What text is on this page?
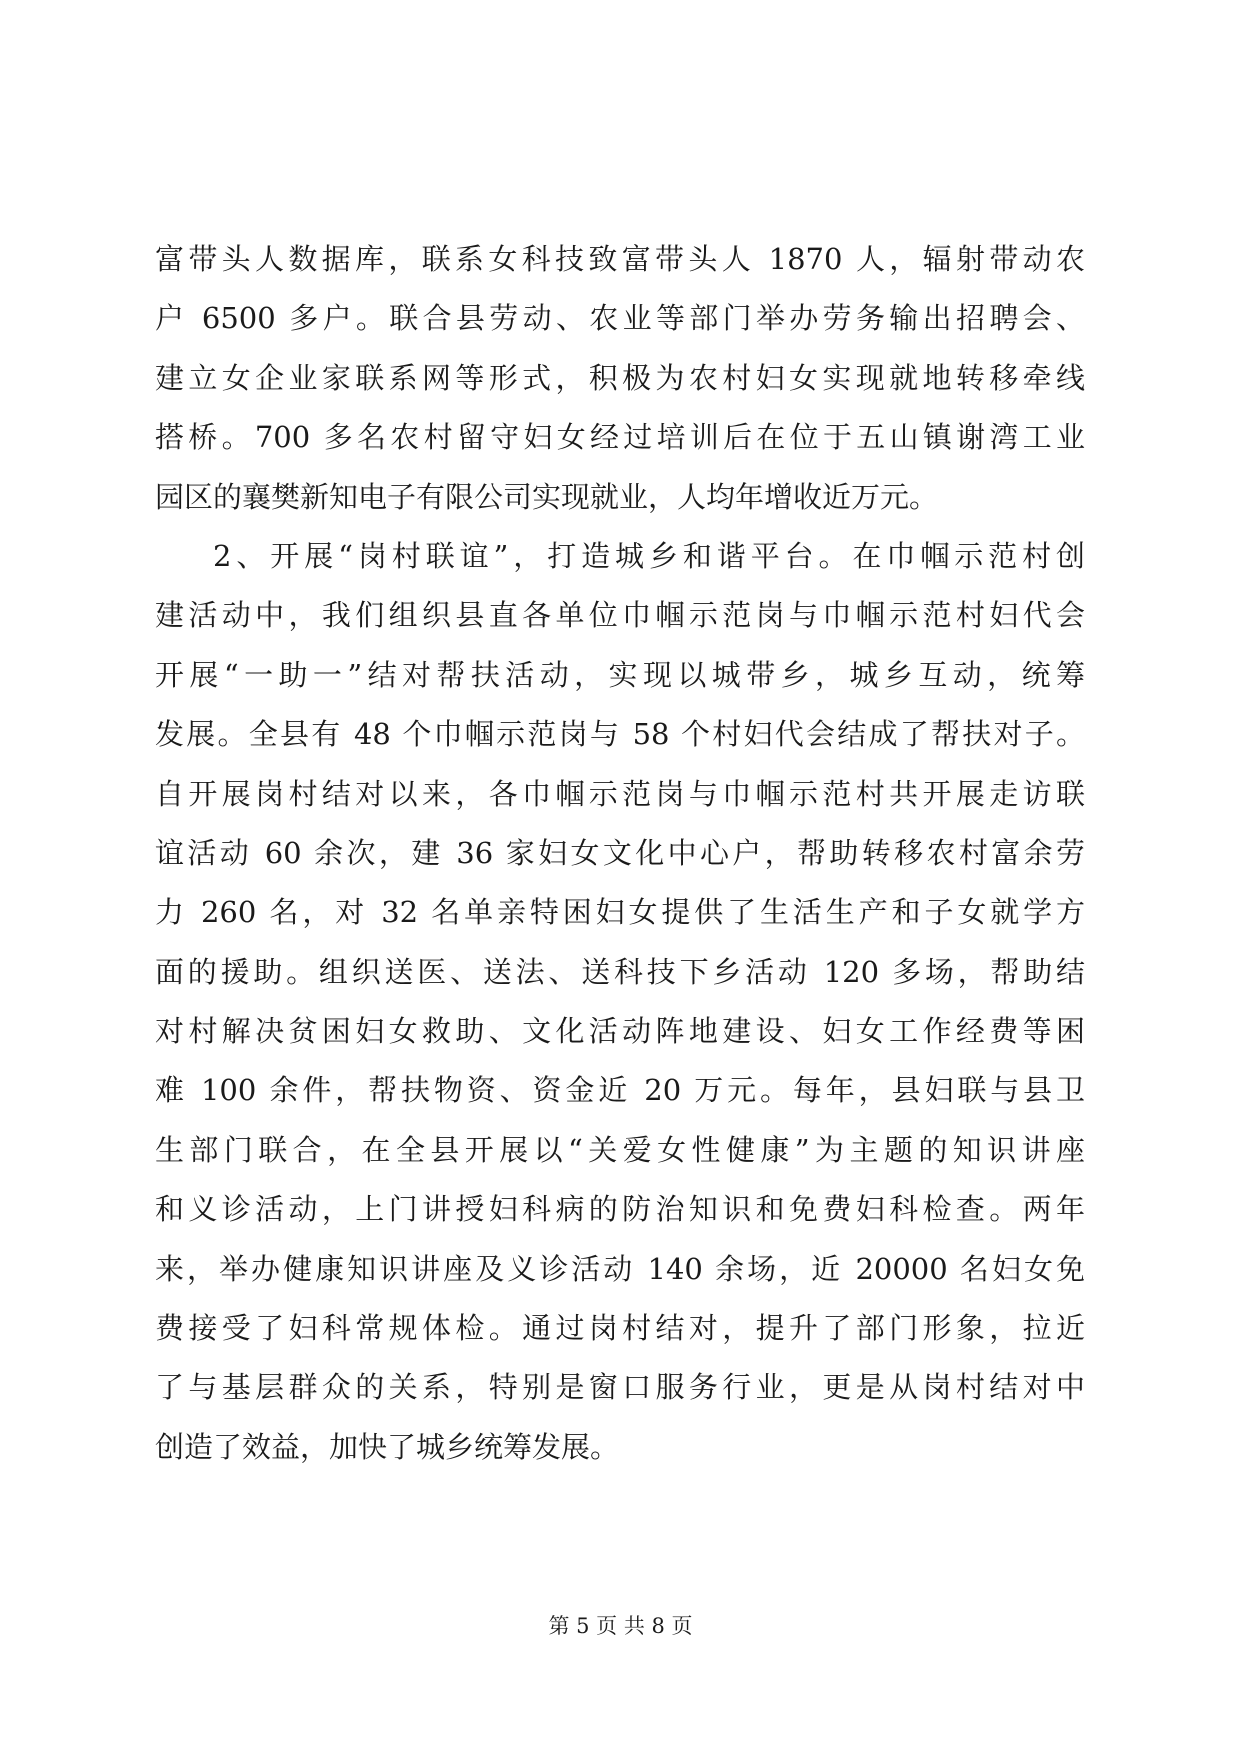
富带头人数据库，联系女科技致富带头人 1870 人，辐射带动农
户 6500 多户。联合县劳动、农业等部门举办劳务输出招聘会、
建立女企业家联系网等形式，积极为农村妇女实现就地转移牵线
搭桥。700 多名农村留守妇女经过培训后在位于五山镇谢湾工业
园区的襄樊新知电子有限公司实现就业，人均年增收近万元。
2、开展“岗村联谊”，打造城乡和谐平台。在巾帼示范村创
建活动中，我们组织县直各单位巾帼示范岗与巾帼示范村妇代会
开展“一助一”结对帮扶活动，实现以城带乡，城乡互动，统筹
发展。全县有 48 个巾帼示范岗与 58 个村妇代会结成了帮扶对子。
自开展岗村结对以来，各巾帼示范岗与巾帼示范村共开展走访联
谊活动 60 余次，建 36 家妇女文化中心户，帮助转移农村富余劳
力 260 名，对 32 名单亲特困妇女提供了生活生产和子女就学方
面的援助。组织送医、送法、送科技下乡活动 120 多场，帮助结
对村解决贫困妇女救助、文化活动阵地建设、妇女工作经费等困
难 100 余件，帮扶物资、资金近 20 万元。每年，县妇联与县卫
生部门联合，在全县开展以“关爱女性健康”为主题的知识讲座
和义诊活动，上门讲授妇科病的防治知识和免费妇科检查。两年
来，举办健康知识讲座及义诊活动 140 余场，近 20000 名妇女免
费接受了妇科常规体检。通过岗村结对，提升了部门形象，拉近
了与基层群众的关系，特别是窗口服务行业，更是从岗村结对中
创造了效益，加快了城乡统筹发展。
第 5 页 共 8 页
